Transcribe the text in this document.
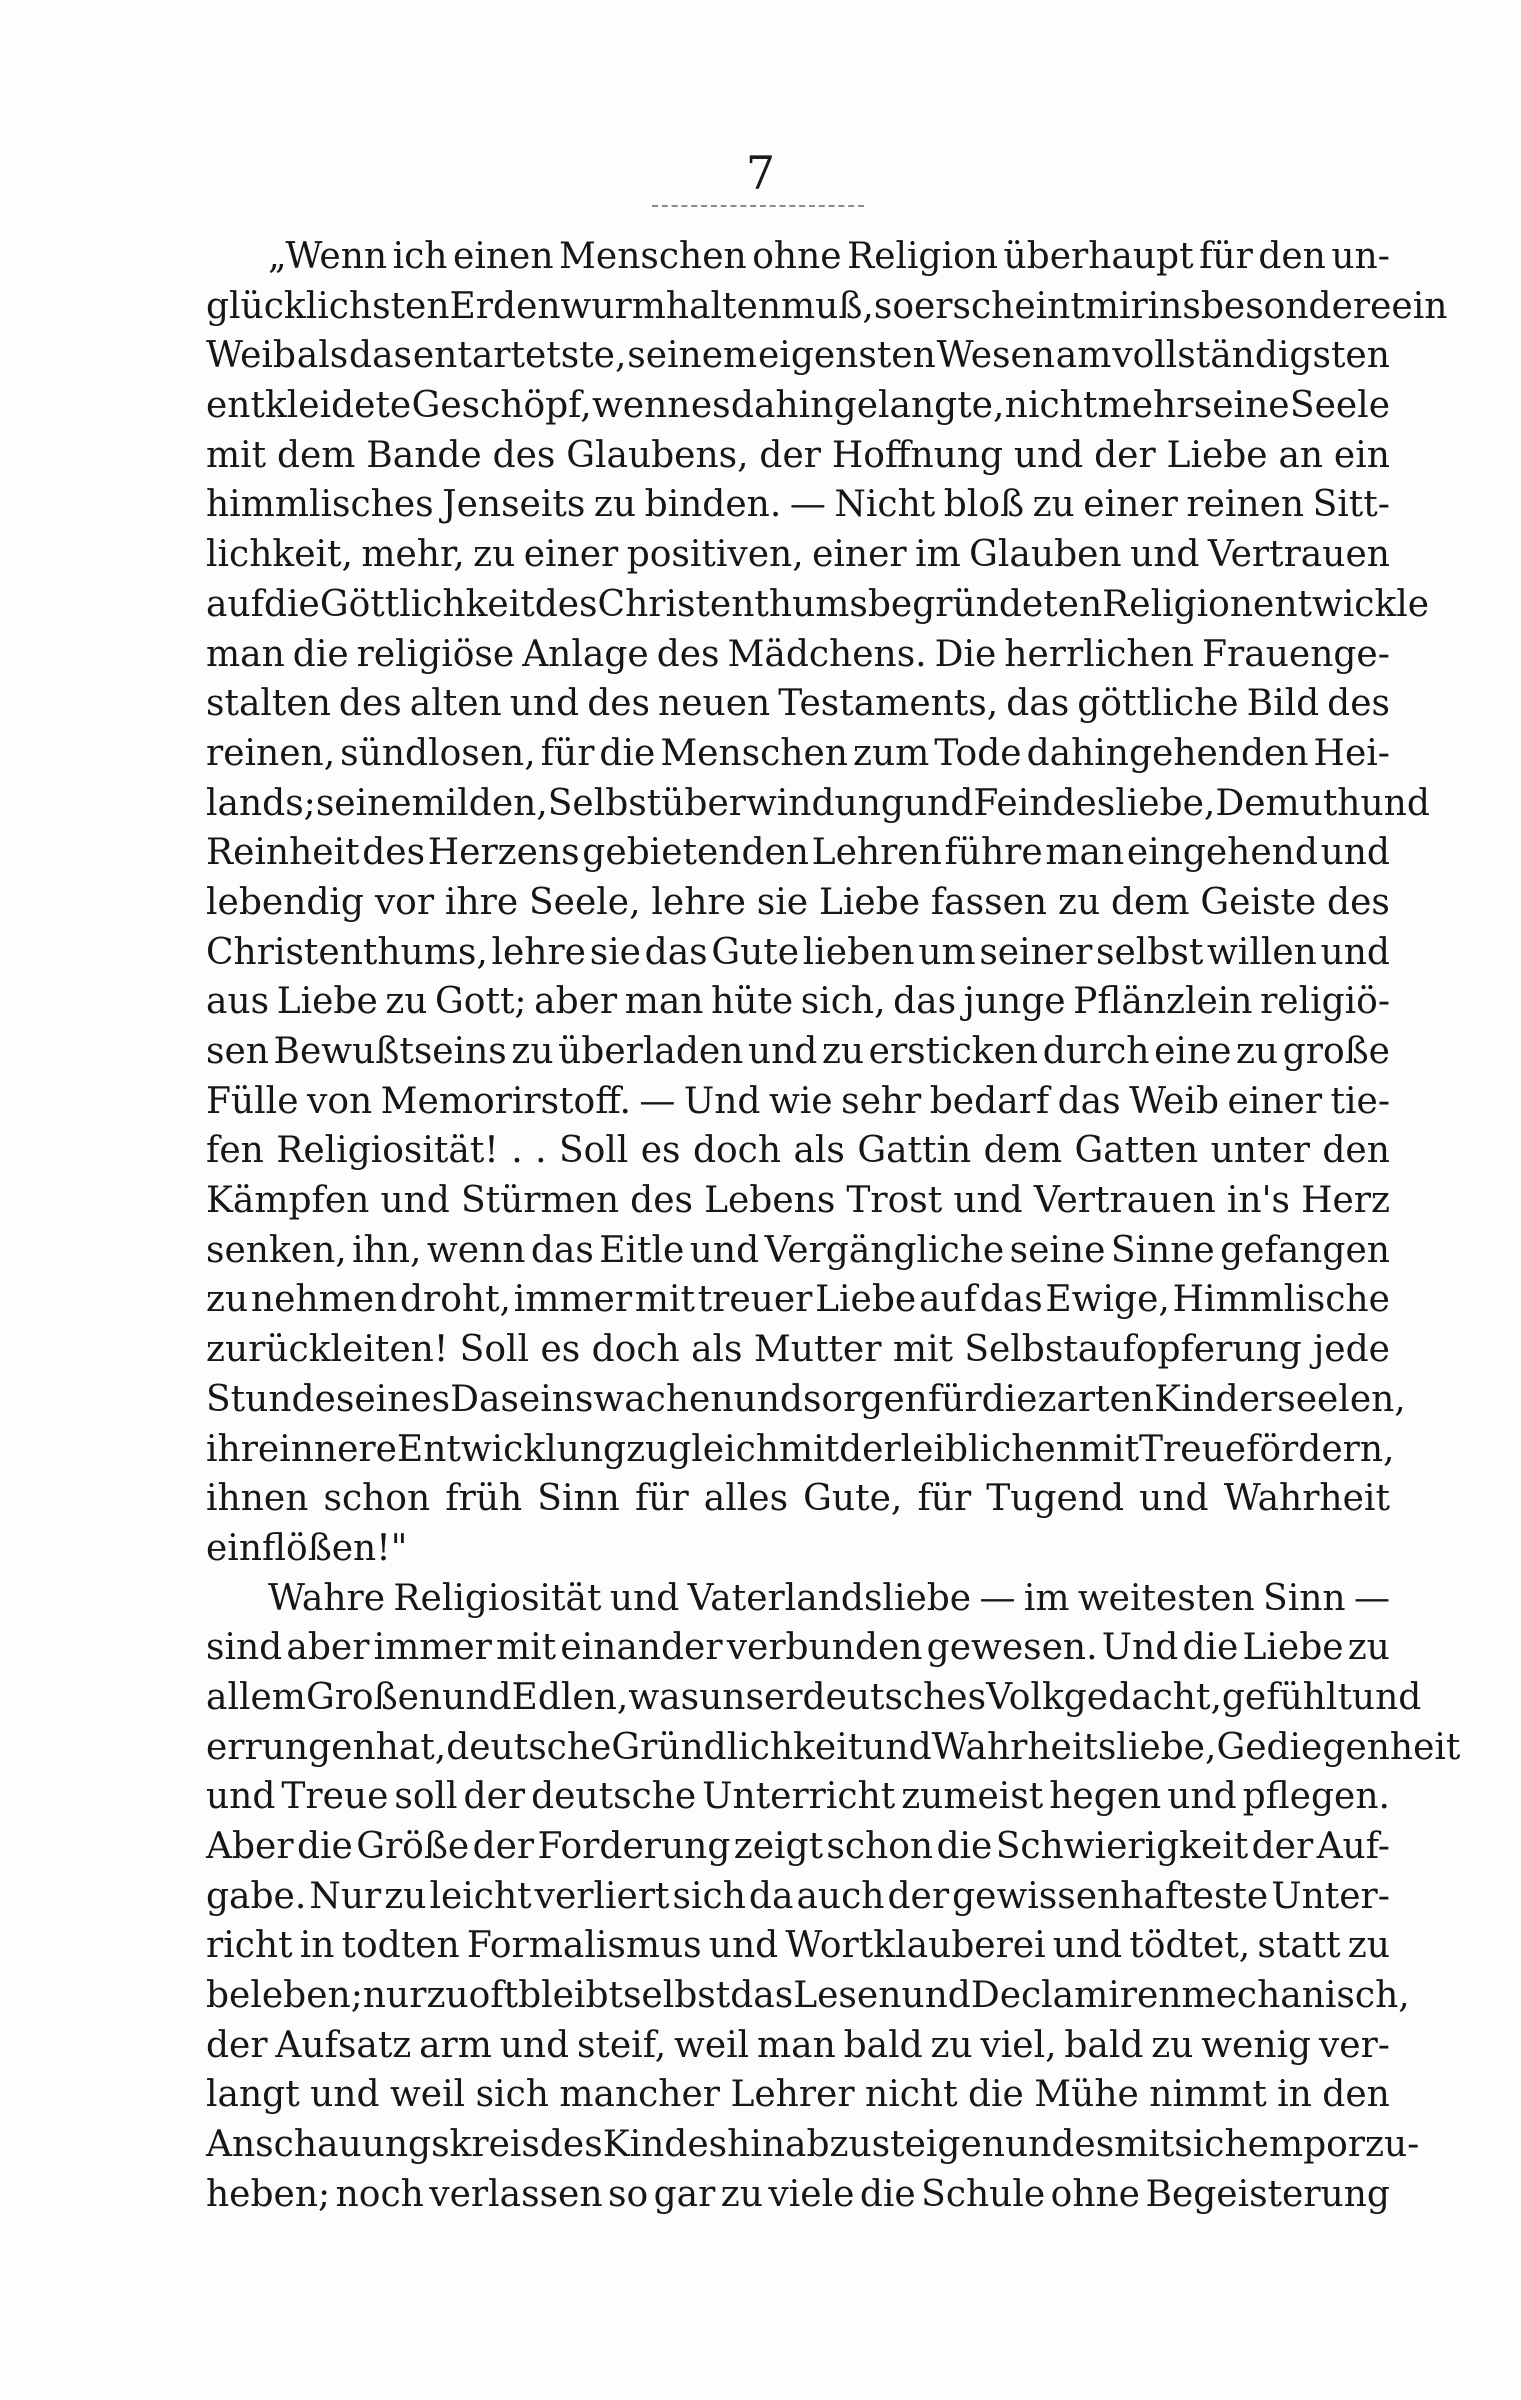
7
„Wenn ich einen Menschen ohne Religion überhaupt für den un-
glücklichsten Erdenwurm halten muß, so erscheint mir insbesondere ein
Weib als das entartetste, seinem eigensten Wesen am vollständigsten
entkleidete Geschöpf, wenn es dahin gelangte, nicht mehr seine Seele
mit dem Bande des Glaubens, der Hoffnung und der Liebe an ein
himmlisches Jenseits zu binden. — Nicht bloß zu einer reinen Sitt-
lichkeit, mehr, zu einer positiven, einer im Glauben und Vertrauen
auf die Göttlichkeit des Christenthums begründeten Religion entwickle
man die religiöse Anlage des Mädchens. Die herrlichen Frauenge-
stalten des alten und des neuen Testaments, das göttliche Bild des
reinen, sündlosen, für die Menschen zum Tode dahingehenden Hei-
lands; seine milden, Selbstüberwindung und Feindesliebe, Demuth und
Reinheit des Herzens gebietenden Lehren führe man eingehend und
lebendig vor ihre Seele, lehre sie Liebe fassen zu dem Geiste des
Christenthums, lehre sie das Gute lieben um seiner selbst willen und
aus Liebe zu Gott; aber man hüte sich, das junge Pflänzlein religiö-
sen Bewußtseins zu überladen und zu ersticken durch eine zu große
Fülle von Memorirstoff. — Und wie sehr bedarf das Weib einer tie-
fen Religiosität! . . Soll es doch als Gattin dem Gatten unter den
Kämpfen und Stürmen des Lebens Trost und Vertrauen in's Herz
senken, ihn, wenn das Eitle und Vergängliche seine Sinne gefangen
zu nehmen droht, immer mit treuer Liebe auf das Ewige, Himmlische
zurückleiten! Soll es doch als Mutter mit Selbstaufopferung jede
Stunde seines Daseins wachen und sorgen für die zarten Kinderseelen,
ihre innere Entwicklung zugleich mit der leiblichen mit Treue fördern,
ihnen schon früh Sinn für alles Gute, für Tugend und Wahrheit
einflößen!"
Wahre Religiosität und Vaterlandsliebe — im weitesten Sinn —
sind aber immer mit einander verbunden gewesen. Und die Liebe zu
allem Großen und Edlen, was unser deutsches Volk gedacht, gefühlt und
errungen hat, deutsche Gründlichkeit und Wahrheitsliebe, Gediegenheit
und Treue soll der deutsche Unterricht zumeist hegen und pflegen.
Aber die Größe der Forderung zeigt schon die Schwierigkeit der Auf-
gabe. Nur zu leicht verliert sich da auch der gewissenhafteste Unter-
richt in todten Formalismus und Wortklauberei und tödtet, statt zu
beleben; nur zu oft bleibt selbst das Lesen und Declamiren mechanisch,
der Aufsatz arm und steif, weil man bald zu viel, bald zu wenig ver-
langt und weil sich mancher Lehrer nicht die Mühe nimmt in den
Anschauungskreis des Kindes hinabzusteigen und es mit sich emporzu-
heben; noch verlassen so gar zu viele die Schule ohne Begeisterung
